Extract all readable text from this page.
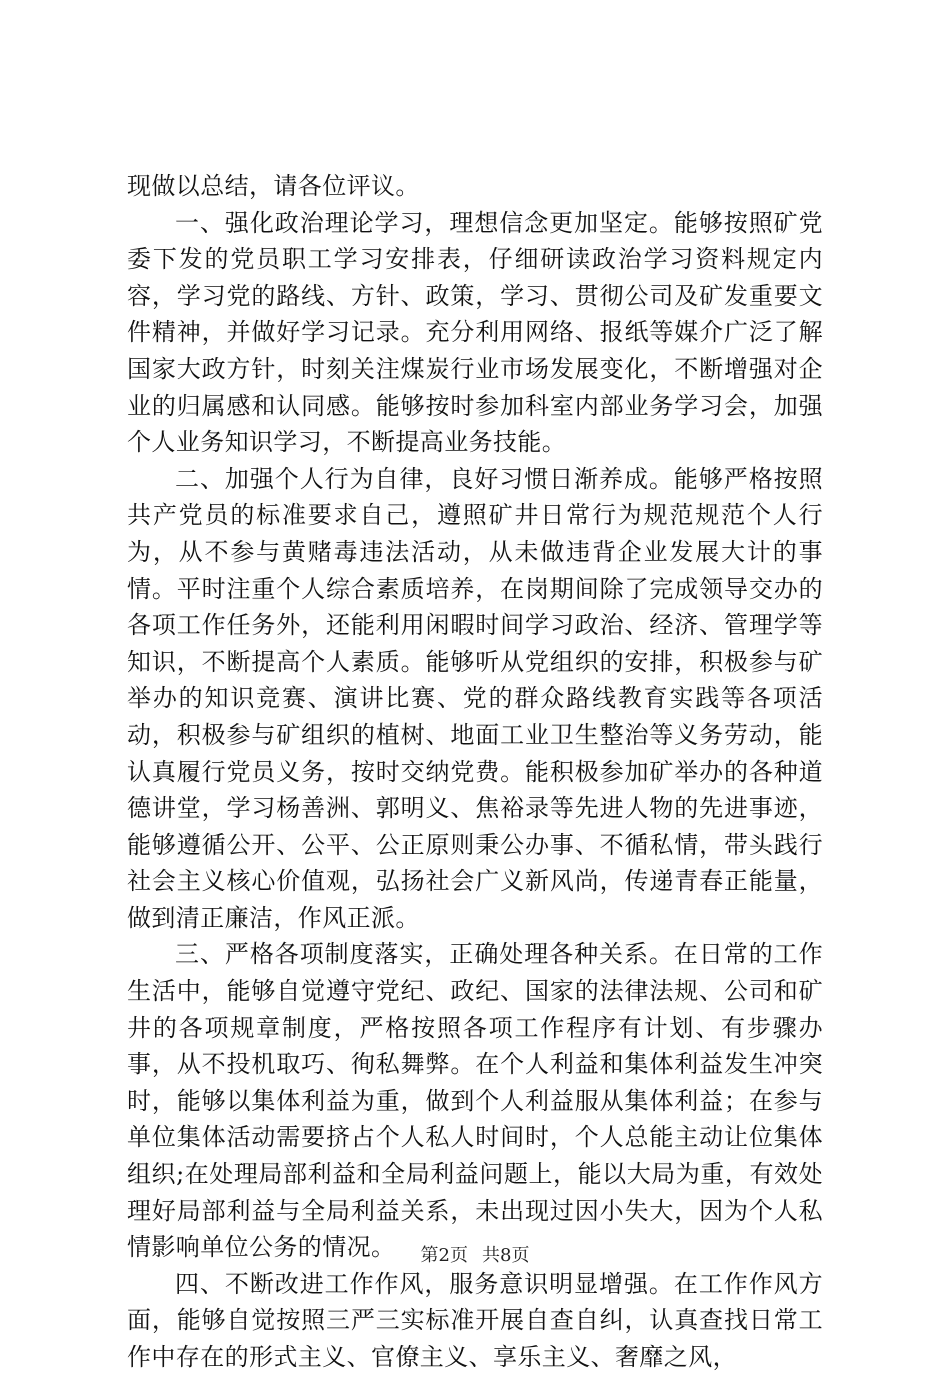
现做以总结，请各位评议。

一、强化政治理论学习，理想信念更加坚定。能够按照矿党委下发的党员职工学习安排表，仔细研读政治学习资料规定内容，学习党的路线、方针、政策，学习、贯彻公司及矿发重要文件精神，并做好学习记录。充分利用网络、报纸等媒介广泛了解国家大政方针，时刻关注煤炭行业市场发展变化，不断增强对企业的归属感和认同感。能够按时参加科室内部业务学习会，加强个人业务知识学习，不断提高业务技能。

二、加强个人行为自律，良好习惯日渐养成。能够严格按照共产党员的标准要求自己，遵照矿井日常行为规范规范个人行为，从不参与黄赌毒违法活动，从未做违背企业发展大计的事情。平时注重个人综合素质培养，在岗期间除了完成领导交办的各项工作任务外，还能利用闲暇时间学习政治、经济、管理学等知识，不断提高个人素质。能够听从党组织的安排，积极参与矿举办的知识竞赛、演讲比赛、党的群众路线教育实践等各项活动，积极参与矿组织的植树、地面工业卫生整治等义务劳动，能认真履行党员义务，按时交纳党费。能积极参加矿举办的各种道德讲堂，学习杨善洲、郭明义、焦裕录等先进人物的先进事迹，能够遵循公开、公平、公正原则秉公办事、不循私情，带头践行社会主义核心价值观，弘扬社会广义新风尚，传递青春正能量，做到清正廉洁，作风正派。

三、严格各项制度落实，正确处理各种关系。在日常的工作生活中，能够自觉遵守党纪、政纪、国家的法律法规、公司和矿井的各项规章制度，严格按照各项工作程序有计划、有步骤办事，从不投机取巧、徇私舞弊。在个人利益和集体利益发生冲突时，能够以集体利益为重，做到个人利益服从集体利益；在参与单位集体活动需要挤占个人私人时间时，个人总能主动让位集体组织;在处理局部利益和全局利益问题上，能以大局为重，有效处理好局部利益与全局利益关系，未出现过因小失大，因为个人私情影响单位公务的情况。

四、不断改进工作作风，服务意识明显增强。在工作作风方面，能够自觉按照三严三实标准开展自查自纠，认真查找日常工作中存在的形式主义、官僚主义、享乐主义、奢靡之风，

第2页 共8页
